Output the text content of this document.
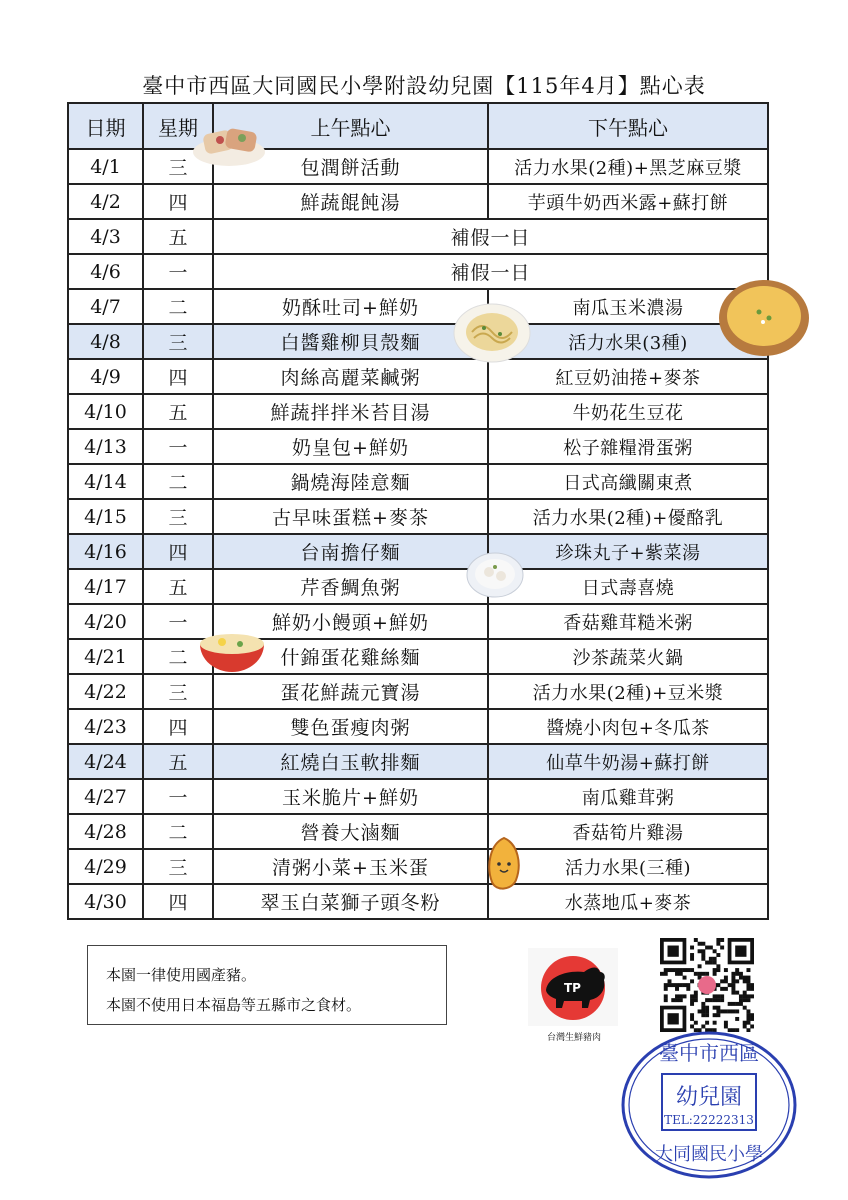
臺中市西區大同國民小學附設幼兒園【115年4月】點心表
日期	星期	上午點心	下午點心
4/1	三	包潤餅活動	活力水果(2種)+黑芝麻豆漿
4/2	四	鮮蔬餛飩湯	芋頭牛奶西米露+蘇打餅
4/3	五	補假一日	
4/6	一	補假一日	
4/7	二	奶酥吐司+鮮奶	南瓜玉米濃湯
4/8	三	白醬雞柳貝殼麵	活力水果(3種)
4/9	四	肉絲高麗菜鹹粥	紅豆奶油捲+麥茶
4/10	五	鮮蔬拌拌米苔目湯	牛奶花生豆花
4/13	一	奶皇包+鮮奶	松子雜糧滑蛋粥
4/14	二	鍋燒海陸意麵	日式高纖關東煮
4/15	三	古早味蛋糕+麥茶	活力水果(2種)+優酪乳
4/16	四	台南擔仔麵	珍珠丸子+紫菜湯
4/17	五	芹香鯛魚粥	日式壽喜燒
4/20	一	鮮奶小饅頭+鮮奶	香菇雞茸糙米粥
4/21	二	什錦蛋花雞絲麵	沙茶蔬菜火鍋
4/22	三	蛋花鮮蔬元寶湯	活力水果(2種)+豆米漿
4/23	四	雙色蛋瘦肉粥	醬燒小肉包+冬瓜茶
4/24	五	紅燒白玉軟排麵	仙草牛奶湯+蘇打餅
4/27	一	玉米脆片+鮮奶	南瓜雞茸粥
4/28	二	營養大滷麵	香菇筍片雞湯
4/29	三	清粥小菜+玉米蛋	活力水果(三種)
4/30	四	翠玉白菜獅子頭冬粉	水蒸地瓜+麥茶
本園一律使用國產豬。
本園不使用日本福島等五縣市之食材。
TP
台灣生鮮豬肉
臺中市西區
幼兒園
TEL:22222313
大同國民小學
